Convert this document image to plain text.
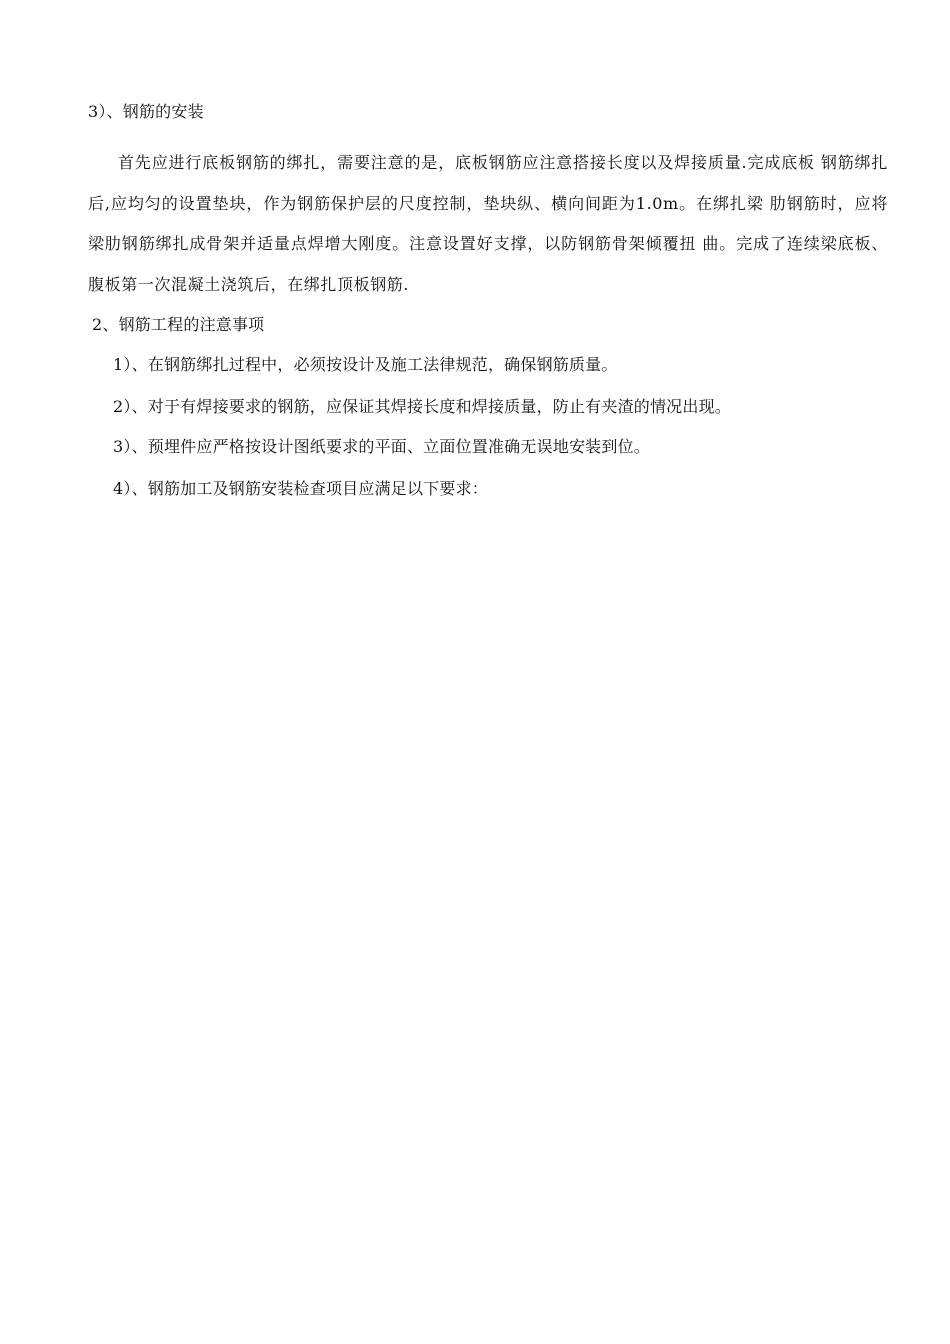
3）、钢筋的安装
首先应进行底板钢筋的绑扎，需要注意的是，底板钢筋应注意搭接长度以及焊接质量.完成底板 钢筋绑扎后,应均匀的设置垫块，作为钢筋保护层的尺度控制，垫块纵、横向间距为1.0m。在绑扎梁 肋钢筋时，应将梁肋钢筋绑扎成骨架并适量点焊增大刚度。注意设置好支撑，以防钢筋骨架倾覆扭 曲。完成了连续梁底板、腹板第一次混凝土浇筑后，在绑扎顶板钢筋.
2、钢筋工程的注意事项
1）、在钢筋绑扎过程中，必须按设计及施工法律规范，确保钢筋质量。
2）、对于有焊接要求的钢筋，应保证其焊接长度和焊接质量，防止有夹渣的情况出现。
3）、预埋件应严格按设计图纸要求的平面、立面位置准确无误地安装到位。
4）、钢筋加工及钢筋安装检查项目应满足以下要求：
